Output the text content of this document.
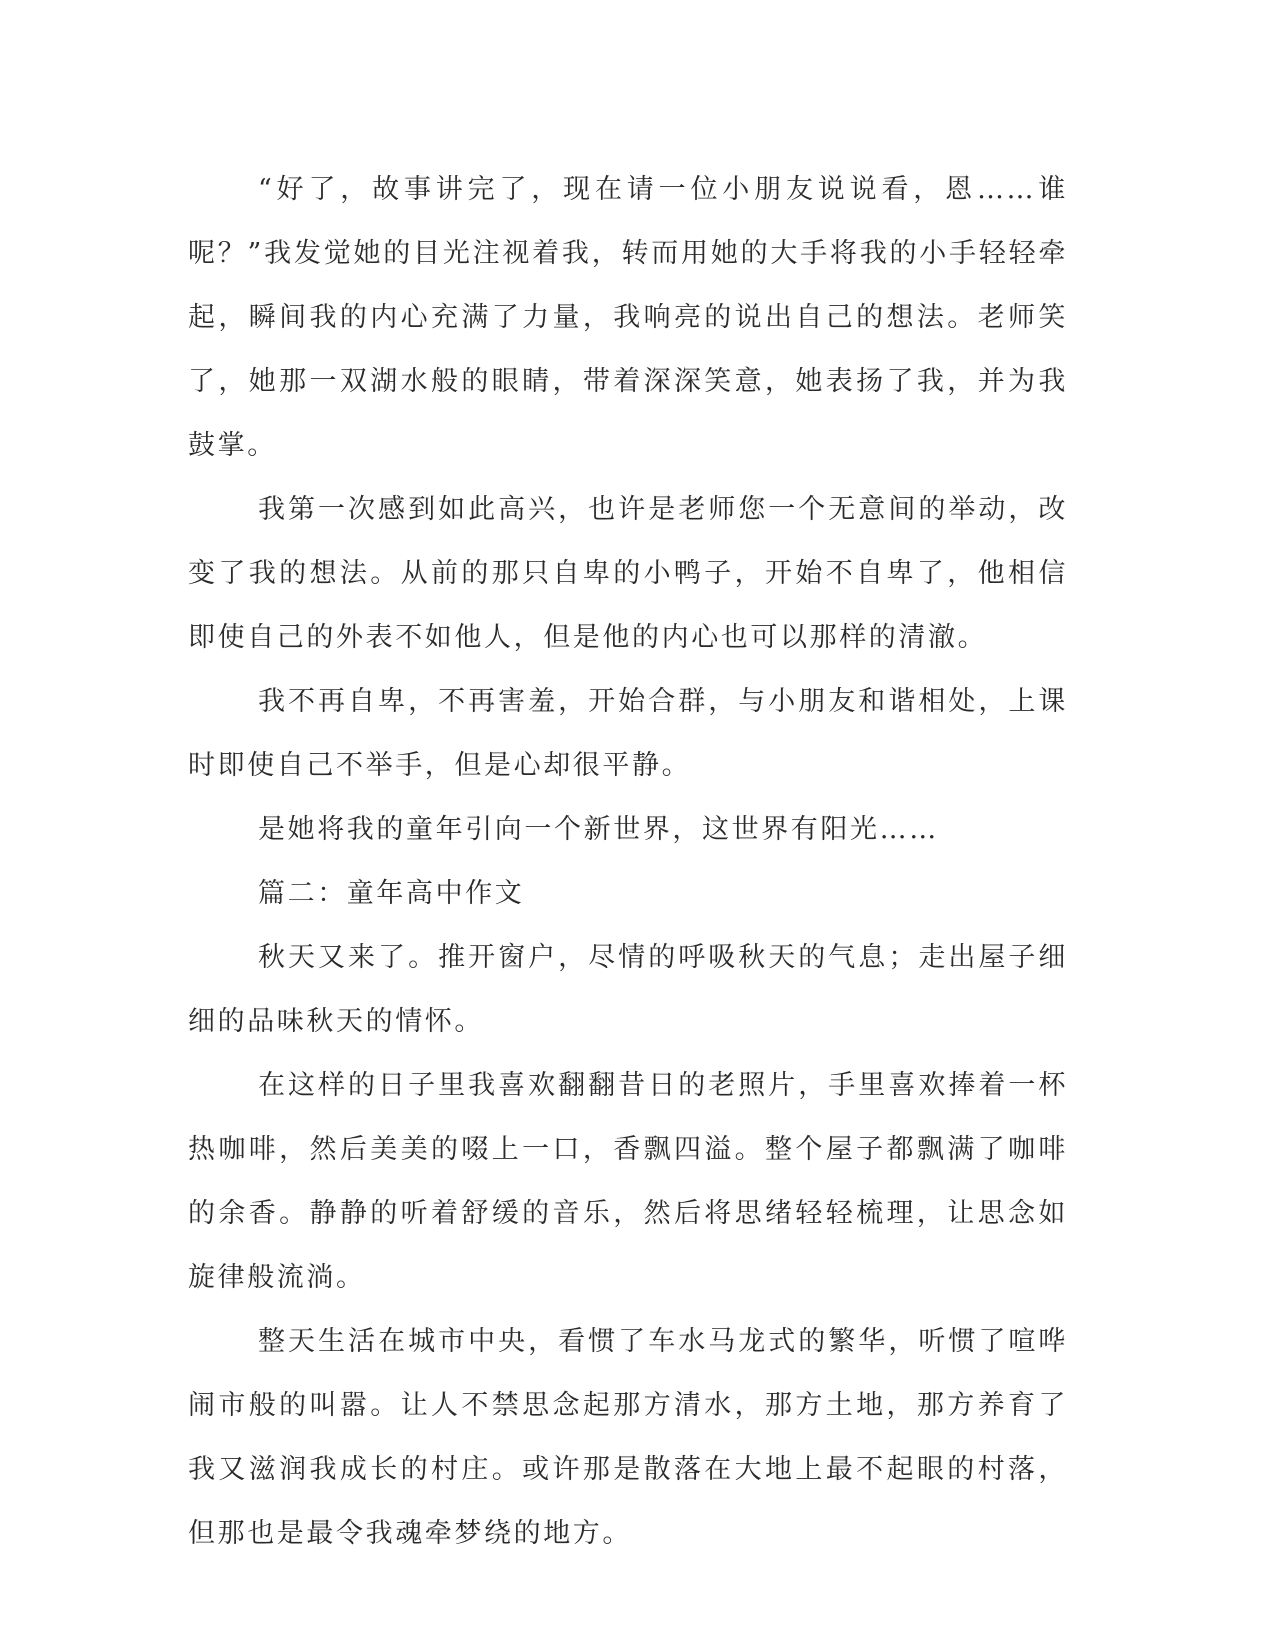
“好了，故事讲完了，现在请一位小朋友说说看，恩……谁呢？”我发觉她的目光注视着我，转而用她的大手将我的小手轻轻牵起，瞬间我的内心充满了力量，我响亮的说出自己的想法。老师笑了，她那一双湖水般的眼睛，带着深深笑意，她表扬了我，并为我鼓掌。

我第一次感到如此高兴，也许是老师您一个无意间的举动，改变了我的想法。从前的那只自卑的小鸭子，开始不自卑了，他相信即使自己的外表不如他人，但是他的内心也可以那样的清澈。

我不再自卑，不再害羞，开始合群，与小朋友和谐相处，上课时即使自己不举手，但是心却很平静。

是她将我的童年引向一个新世界，这世界有阳光……

篇二：童年高中作文

秋天又来了。推开窗户，尽情的呼吸秋天的气息；走出屋子细细的品味秋天的情怀。

在这样的日子里我喜欢翻翻昔日的老照片，手里喜欢捧着一杯热咖啡，然后美美的啜上一口，香飘四溢。整个屋子都飘满了咖啡的余香。静静的听着舒缓的音乐，然后将思绪轻轻梳理，让思念如旋律般流淌。

整天生活在城市中央，看惯了车水马龙式的繁华，听惯了喧哗闹市般的叫嚣。让人不禁思念起那方清水，那方土地，那方养育了我又滋润我成长的村庄。或许那是散落在大地上最不起眼的村落，但那也是最令我魂牵梦绕的地方。
